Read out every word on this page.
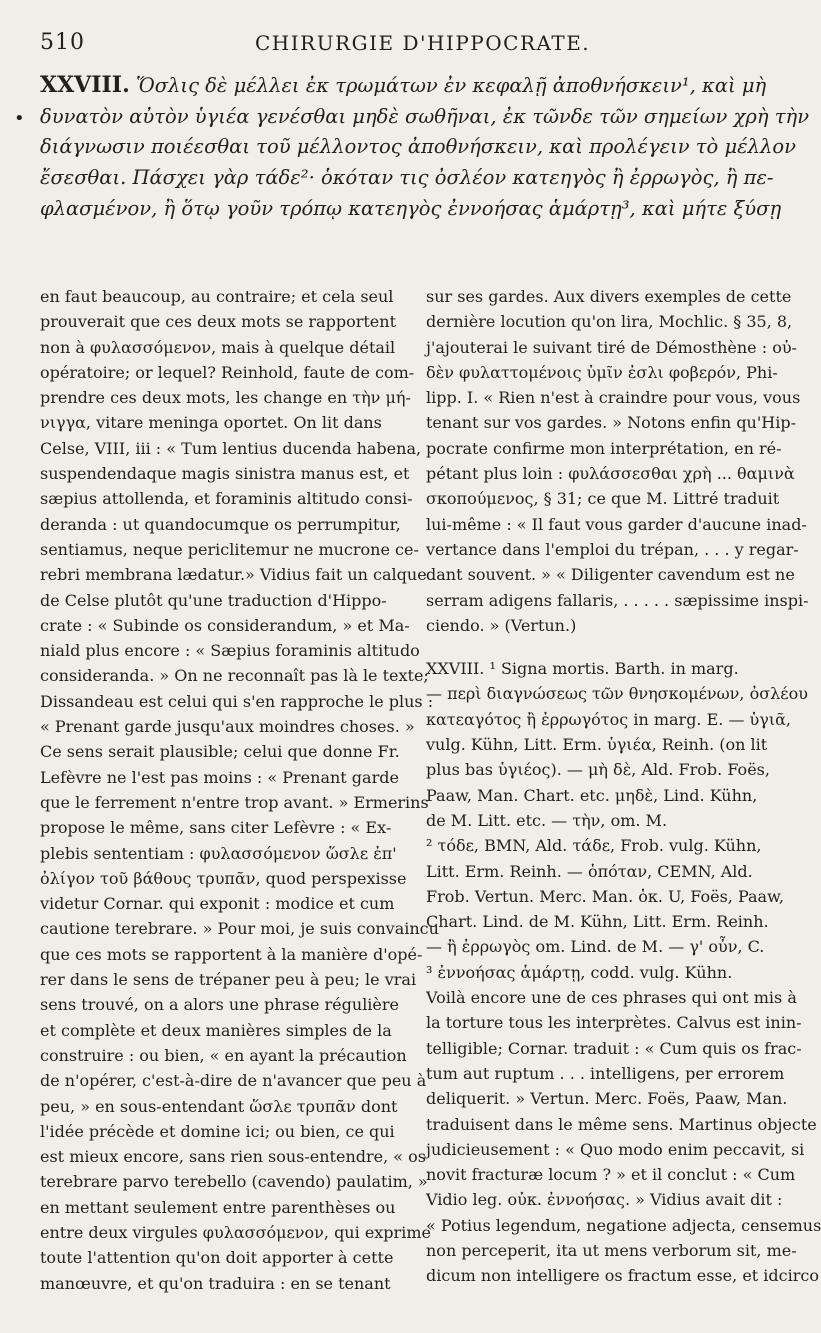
510	CHIRURGIE D'HIPPOCRATE.
•
XXVIII. Ὅσλις δὲ μέλλει ἐκ τρωμάτων ἐν κεφαλῇ ἀποθνήσκειν¹, καὶ μὴ
δυνατὸν αὐτὸν ὑγιέα γενέσθαι μηδὲ σωθῆναι, ἐκ τῶνδε τῶν σημείων χρὴ τὴν
διάγνωσιν ποιέεσθαι τοῦ μέλλοντος ἀποθνήσκειν, καὶ προλέγειν τὸ μέλλον
ἔσεσθαι. Πάσχει γὰρ τάδε²· ὁκόταν τις ὀσλέον κατεηγὸς ἢ ἐρρωγὸς, ἢ πε-
φλασμένον, ἢ ὅτῳ γοῦν τρόπῳ κατεηγὸς ἐννοήσας ἁμάρτῃ³, καὶ μήτε ξύσῃ
en faut beaucoup, au contraire; et cela seul
prouverait que ces deux mots se rapportent
non à φυλασσόμενον, mais à quelque détail
opératoire; or lequel? Reinhold, faute de com-
prendre ces deux mots, les change en τὴν μή-
νιγγα, vitare meninga oportet. On lit dans
Celse, VIII, iii : « Tum lentius ducenda habena,
suspendendaque magis sinistra manus est, et
sæpius attollenda, et foraminis altitudo consi-
deranda : ut quandocumque os perrumpitur,
sentiamus, neque periclitemur ne mucrone ce-
rebri membrana lædatur.» Vidius fait un calque
de Celse plutôt qu'une traduction d'Hippo-
crate : « Subinde os considerandum, » et Ma-
niald plus encore : « Sæpius foraminis altitudo
consideranda. » On ne reconnaît pas là le texte;
Dissandeau est celui qui s'en rapproche le plus :
« Prenant garde jusqu'aux moindres choses. »
Ce sens serait plausible; celui que donne Fr.
Lefèvre ne l'est pas moins : « Prenant garde
que le ferrement n'entre trop avant. » Ermerins
propose le même, sans citer Lefèvre : « Ex-
plebis sententiam : φυλασσόμενον ὥσλε ἐπ'
ὀλίγον τοῦ βάθους τρυπᾶν, quod perspexisse
videtur Cornar. qui exponit : modice et cum
cautione terebrare. » Pour moi, je suis convaincu
que ces mots se rapportent à la manière d'opé-
rer dans le sens de trépaner peu à peu; le vrai
sens trouvé, on a alors une phrase régulière
et complète et deux manières simples de la
construire : ou bien, « en ayant la précaution
de n'opérer, c'est-à-dire de n'avancer que peu à
peu, » en sous-entendant ὥσλε τρυπᾶν dont
l'idée précède et domine ici; ou bien, ce qui
est mieux encore, sans rien sous-entendre, « os
terebrare parvo terebello (cavendo) paulatim, »
en mettant seulement entre parenthèses ou
entre deux virgules φυλασσόμενον, qui exprime
toute l'attention qu'on doit apporter à cette
manœuvre, et qu'on traduira : en se tenant
sur ses gardes. Aux divers exemples de cette
dernière locution qu'on lira, Mochlic. § 35, 8,
j'ajouterai le suivant tiré de Démosthène : οὐ-
δὲν φυλαττομένοις ὑμῖν ἐσλι φοβερόν, Phi-
lipp. I. « Rien n'est à craindre pour vous, vous
tenant sur vos gardes. » Notons enfin qu'Hip-
pocrate confirme mon interprétation, en ré-
pétant plus loin : φυλάσσεσθαι χρὴ ... θαμινὰ
σκοπούμενος, § 31; ce que M. Littré traduit
lui-même : « Il faut vous garder d'aucune inad-
vertance dans l'emploi du trépan, . . . y regar-
dant souvent. » « Diligenter cavendum est ne
serram adigens fallaris, . . . . . sæpissime inspi-
ciendo. » (Vertun.)
XXVIII. ¹ Signa mortis. Barth. in marg.
— περὶ διαγνώσεως τῶν θνησκομένων, ὀσλέου
κατεαγότος ἢ ἐρρωγότος in marg. E. — ὑγιᾶ,
vulg. Kühn, Litt. Erm. ὑγιέα, Reinh. (on lit
plus bas ὑγιέος). — μὴ δὲ, Ald. Frob. Foës,
Paaw, Man. Chart. etc. μηδὲ, Lind. Kühn,
de M. Litt. etc. — τὴν, om. M.
² τόδε, BMN, Ald. τάδε, Frob. vulg. Kühn,
Litt. Erm. Reinh. — ὁπόταν, CEMN, Ald.
Frob. Vertun. Merc. Man. ὁκ. U, Foës, Paaw,
Chart. Lind. de M. Kühn, Litt. Erm. Reinh.
— ἢ ἐρρωγὸς om. Lind. de M. — γ' οὖν, C.
³ ἐννοήσας ἁμάρτῃ, codd. vulg. Kühn.
Voilà encore une de ces phrases qui ont mis à
la torture tous les interprètes. Calvus est inin-
telligible; Cornar. traduit : « Cum quis os frac-
tum aut ruptum . . . intelligens, per errorem
deliquerit. » Vertun. Merc. Foës, Paaw, Man.
traduisent dans le même sens. Martinus objecte
judicieusement : « Quo modo enim peccavit, si
novit fracturæ locum ? » et il conclut : « Cum
Vidio leg. οὐκ. ἐννοήσας. » Vidius avait dit :
« Potius legendum, negatione adjecta, censemus
non perceperit, ita ut mens verborum sit, me-
dicum non intelligere os fractum esse, et idcirco
